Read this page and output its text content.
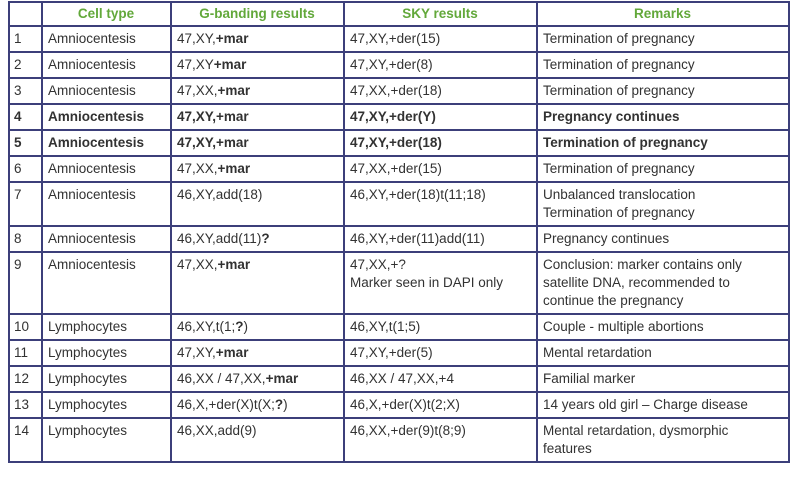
	Cell type	G-banding results	SKY results	Remarks
1	Amniocentesis	47,XY,+mar	47,XY,+der(15)	Termination of pregnancy

2	Amniocentesis	47,XY+mar	47,XY,+der(8)	Termination of pregnancy

3	Amniocentesis	47,XX,+mar	47,XX,+der(18)	Termination of pregnancy

4	Amniocentesis	47,XY,+mar	47,XY,+der(Y)	Pregnancy continues

5	Amniocentesis	47,XY,+mar	47,XY,+der(18)	Termination of pregnancy

6	Amniocentesis	47,XX,+mar	47,XX,+der(15)	Termination of pregnancy

7	Amniocentesis	46,XY,add(18)	46,XY,+der(18)t(11;18)	Unbalanced translocation
Termination of pregnancy

8	Amniocentesis	46,XY,add(11)?	46,XY,+der(11)add(11)	Pregnancy continues

9	Amniocentesis	47,XX,+mar	47,XX,+?
Marker seen in DAPI only	Conclusion: marker contains only
satellite DNA, recommended to
continue the pregnancy

10	Lymphocytes	46,XY,t(1;?)	46,XY,t(1;5)	Couple - multiple abortions

11	Lymphocytes	47,XY,+mar	47,XY,+der(5)	Mental retardation

12	Lymphocytes	46,XX / 47,XX,+mar	46,XX / 47,XX,+4	Familial marker

13	Lymphocytes	46,X,+der(X)t(X;?)	46,X,+der(X)t(2;X)	14 years old girl – Charge disease

14	Lymphocytes	46,XX,add(9)	46,XX,+der(9)t(8;9)	Mental retardation, dysmorphic
features
